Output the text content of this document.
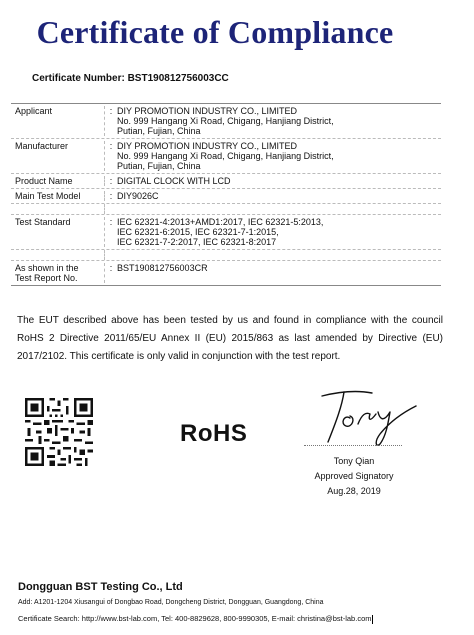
Certificate of Compliance
Certificate Number: BST190812756003CC
Applicant	: DIY PROMOTION INDUSTRY CO., LIMITED
No. 999 Hangang Xi Road, Chigang, Hanjiang District,
Putian, Fujian, China
Manufacturer	: DIY PROMOTION INDUSTRY CO., LIMITED
No. 999 Hangang Xi Road, Chigang, Hanjiang District,
Putian, Fujian, China
Product Name	: DIGITAL CLOCK WITH LCD
Main Test Model	: DIY9026C
Test Standard	: IEC 62321-4:2013+AMD1:2017, IEC 62321-5:2013,
IEC 62321-6:2015, IEC 62321-7-1:2015,
IEC 62321-7-2:2017, IEC 62321-8:2017
As shown in the
Test Report No.
: BST190812756003CR
The EUT described above has been tested by us and found in compliance with the council RoHS 2 Directive 2011/65/EU Annex II (EU) 2015/863 as last amended by Directive (EU) 2017/2102. This certificate is only valid in conjunction with the test report.
RoHS
Tony Qian
Approved Signatory
Aug.28, 2019
Dongguan BST Testing Co., Ltd
Add: A1201-1204 Xiusangui of Dongbao Road, Dongcheng District, Dongguan, Guangdong, China
Certificate Search: http://www.bst-lab.com, Tel: 400-8829628, 800-9990305, E-mail: christina@bst-lab.com
